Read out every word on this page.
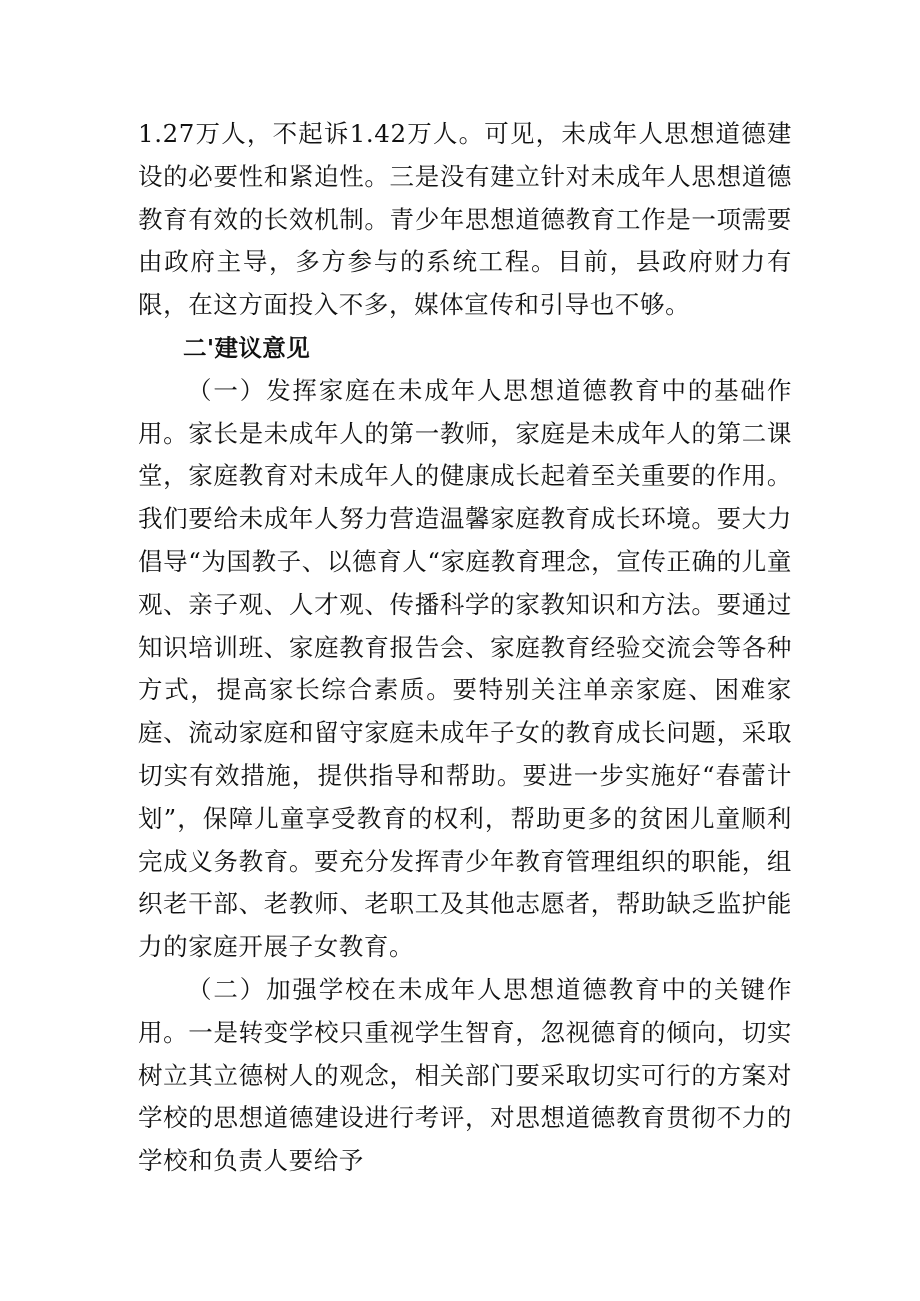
1.27万人，不起诉1.42万人。可见，未成年人思想道德建设的必要性和紧迫性。三是没有建立针对未成年人思想道德教育有效的长效机制。青少年思想道德教育工作是一项需要由政府主导，多方参与的系统工程。目前，县政府财力有限，在这方面投入不多，媒体宣传和引导也不够。

二'建议意见

（一）发挥家庭在未成年人思想道德教育中的基础作用。家长是未成年人的第一教师，家庭是未成年人的第二课堂，家庭教育对未成年人的健康成长起着至关重要的作用。我们要给未成年人努力营造温馨家庭教育成长环境。要大力倡导“为国教子、以德育人“家庭教育理念，宣传正确的儿童观、亲子观、人才观、传播科学的家教知识和方法。要通过知识培训班、家庭教育报告会、家庭教育经验交流会等各种方式，提高家长综合素质。要特别关注单亲家庭、困难家庭、流动家庭和留守家庭未成年子女的教育成长问题，采取切实有效措施，提供指导和帮助。要进一步实施好“春蕾计划”，保障儿童享受教育的权利，帮助更多的贫困儿童顺利完成义务教育。要充分发挥青少年教育管理组织的职能，组织老干部、老教师、老职工及其他志愿者，帮助缺乏监护能力的家庭开展子女教育。

（二）加强学校在未成年人思想道德教育中的关键作用。一是转变学校只重视学生智育，忽视德育的倾向，切实树立其立德树人的观念，相关部门要采取切实可行的方案对学校的思想道德建设进行考评，对思想道德教育贯彻不力的学校和负责人要给予
